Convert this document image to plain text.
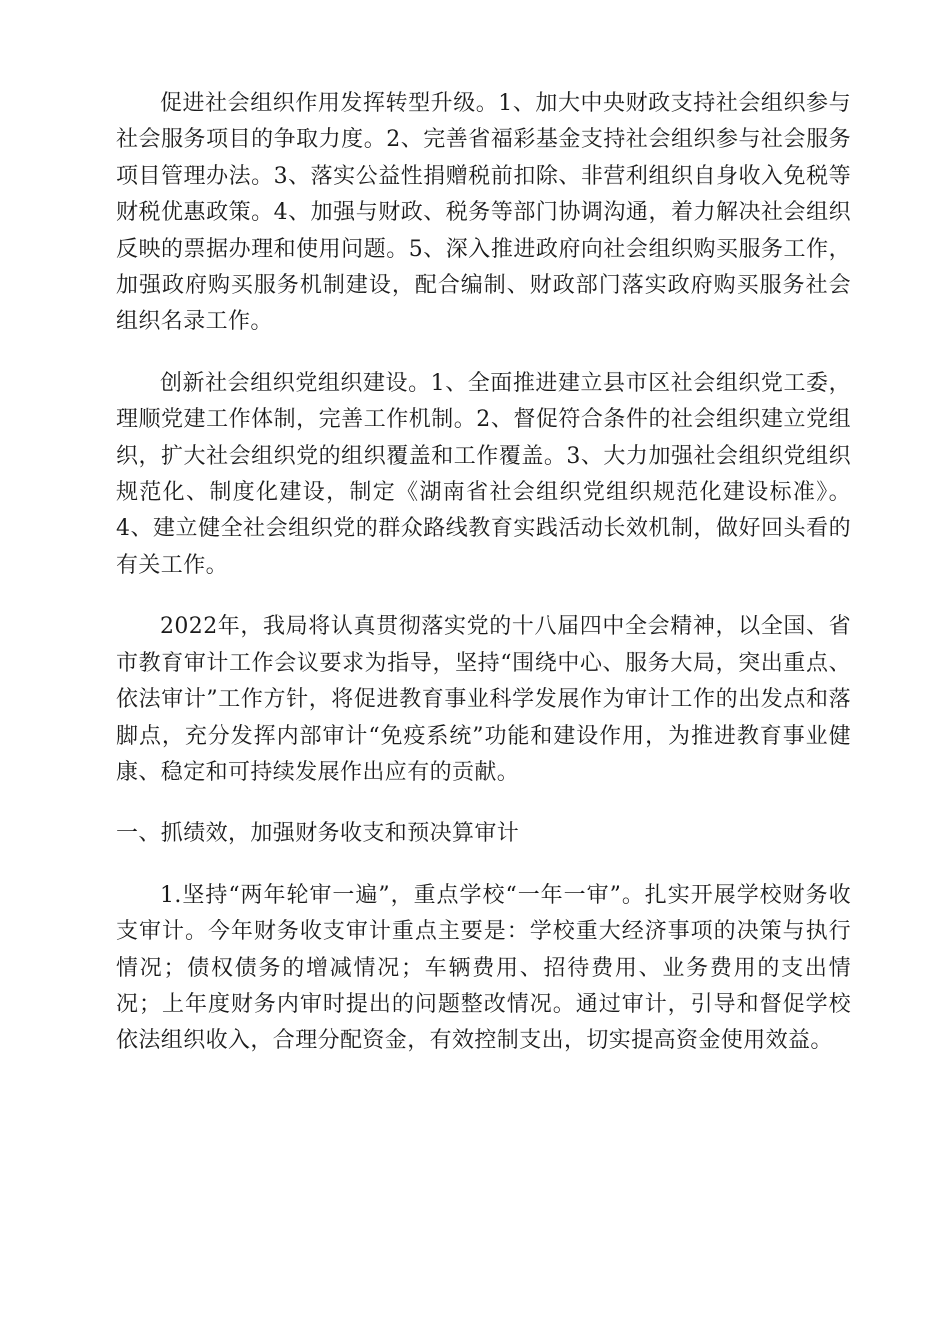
促进社会组织作用发挥转型升级。1、加大中央财政支持社会组织参与社会服务项目的争取力度。2、完善省福彩基金支持社会组织参与社会服务项目管理办法。3、落实公益性捐赠税前扣除、非营利组织自身收入免税等财税优惠政策。4、加强与财政、税务等部门协调沟通，着力解决社会组织反映的票据办理和使用问题。5、深入推进政府向社会组织购买服务工作，加强政府购买服务机制建设，配合编制、财政部门落实政府购买服务社会组织名录工作。

创新社会组织党组织建设。1、全面推进建立县市区社会组织党工委，理顺党建工作体制，完善工作机制。2、督促符合条件的社会组织建立党组织，扩大社会组织党的组织覆盖和工作覆盖。3、大力加强社会组织党组织规范化、制度化建设，制定《湖南省社会组织党组织规范化建设标准》。4、建立健全社会组织党的群众路线教育实践活动长效机制，做好回头看的有关工作。

2022年，我局将认真贯彻落实党的十八届四中全会精神，以全国、省市教育审计工作会议要求为指导，坚持“围绕中心、服务大局，突出重点、依法审计”工作方针，将促进教育事业科学发展作为审计工作的出发点和落脚点，充分发挥内部审计“免疫系统”功能和建设作用，为推进教育事业健康、稳定和可持续发展作出应有的贡献。

一、抓绩效，加强财务收支和预决算审计

1.坚持“两年轮审一遍”，重点学校“一年一审”。扎实开展学校财务收支审计。今年财务收支审计重点主要是：学校重大经济事项的决策与执行情况；债权债务的增减情况；车辆费用、招待费用、业务费用的支出情况；上年度财务内审时提出的问题整改情况。通过审计，引导和督促学校依法组织收入，合理分配资金，有效控制支出，切实提高资金使用效益。
